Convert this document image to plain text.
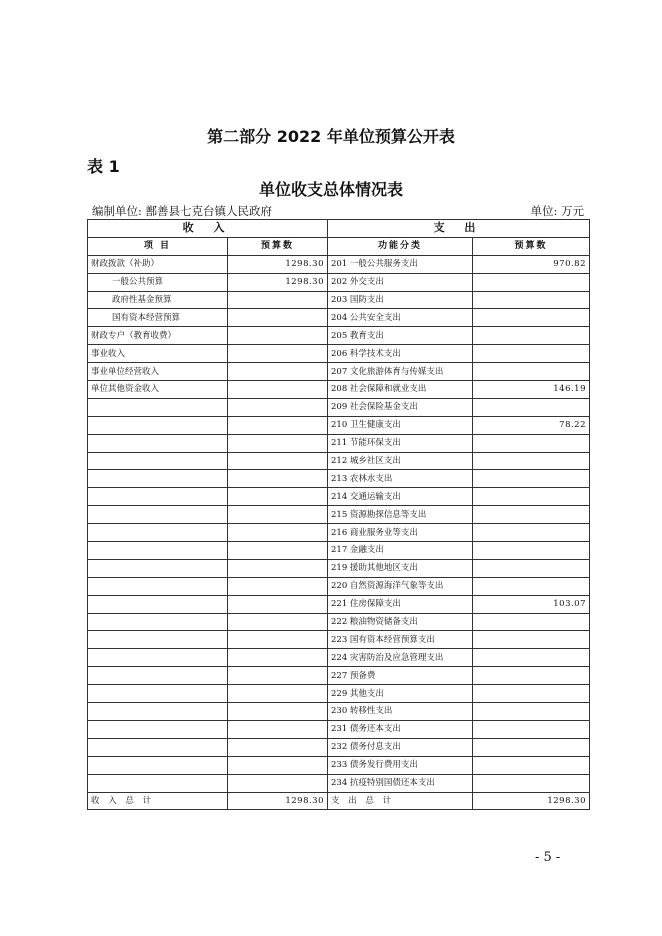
第二部分 2022 年单位预算公开表
表 1
单位收支总体情况表
编制单位: 鄯善县七克台镇人民政府	单位: 万元
收 入		支 出	
项 目	预算数	功能分类	预算数
财政拨款（补助）	1298.30	201 一般公共服务支出	970.82
一般公共预算	1298.30	202 外交支出	
政府性基金预算		203 国防支出	
国有资本经营预算		204 公共安全支出	
财政专户（教育收费）		205 教育支出	
事业收入		206 科学技术支出	
事业单位经营收入		207 文化旅游体育与传媒支出	
单位其他资金收入		208 社会保障和就业支出	146.19
		209 社会保险基金支出	
		210 卫生健康支出	78.22
		211 节能环保支出	
		212 城乡社区支出	
		213 农林水支出	
		214 交通运输支出	
		215 资源勘探信息等支出	
		216 商业服务业等支出	
		217 金融支出	
		219 援助其他地区支出	
		220 自然资源海洋气象等支出	
		221 住房保障支出	103.07
		222 粮油物资储备支出	
		223 国有资本经营预算支出	
		224 灾害防治及应急管理支出	
		227 预备费	
		229 其他支出	
		230 转移性支出	
		231 债务还本支出	
		232 债务付息支出	
		233 债务发行费用支出	
		234 抗疫特别国债还本支出	
收 入 总 计	1298.30	支 出 总 计	1298.30
- 5 -
